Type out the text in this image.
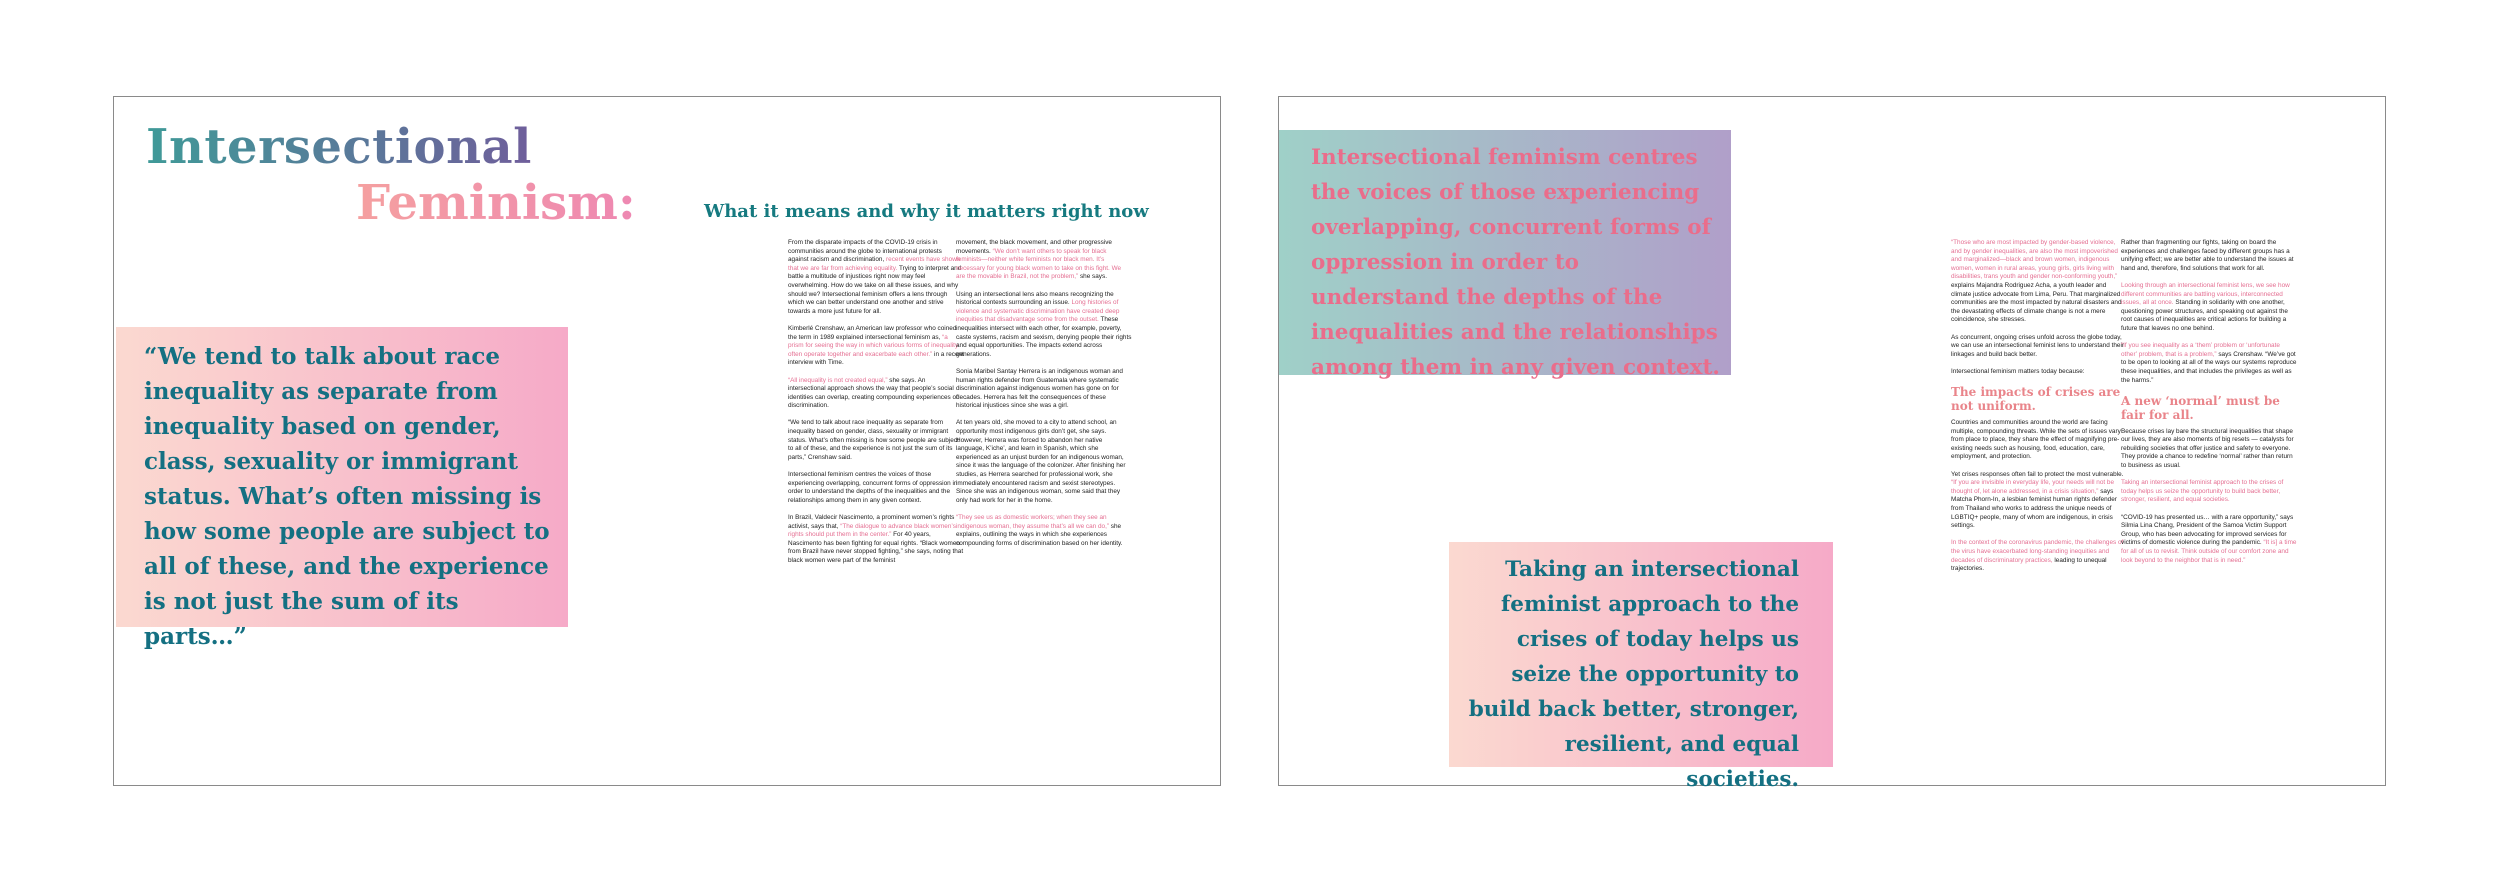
Intersectional
Feminism:	What it means and why it matters right now
“We tend to talk about race inequality as separate from inequality based on gender, class, sexuality or immigrant status. What’s often missing is how some people are subject to all of these, and the experience is not just the sum of its parts…”

From the disparate impacts of the COVID-19 crisis in communities around the globe to international protests against racism and discrimination, recent events have shown that we are far from achieving equality. Trying to interpret and battle a multitude of injustices right now may feel overwhelming. How do we take on all these issues, and why should we? Intersectional feminism offers a lens through which we can better understand one another and strive towards a more just future for all.

Kimberlé Crenshaw, an American law professor who coined the term in 1989 explained intersectional feminism as, “a prism for seeing the way in which various forms of inequality often operate together and exacerbate each other.” in a recent interview with Time.

“All inequality is not created equal,” she says. An intersectional approach shows the way that people’s social identities can overlap, creating compounding experiences of discrimination.

“We tend to talk about race inequality as separate from inequality based on gender, class, sexuality or immigrant status. What’s often missing is how some people are subject to all of these, and the experience is not just the sum of its parts,” Crenshaw said.

Intersectional feminism centres the voices of those experiencing overlapping, concurrent forms of oppression in order to understand the depths of the inequalities and the relationships among them in any given context.

In Brazil, Valdecir Nascimento, a prominent women’s rights activist, says that, “The dialogue to advance black women’s rights should put them in the center.” For 40 years, Nascimento has been fighting for equal rights. “Black women from Brazil have never stopped fighting,” she says, noting that black women were part of the feminist

movement, the black movement, and other progressive movements. “We don’t want others to speak for black feminists—neither white feminists nor black men. It’s necessary for young black women to take on this fight. We are the movable in Brazil, not the problem,” she says.

Using an intersectional lens also means recognizing the historical contexts surrounding an issue. Long histories of violence and systematic discrimination have created deep inequities that disadvantage some from the outset. These inequalities intersect with each other, for example, poverty, caste systems, racism and sexism, denying people their rights and equal opportunities. The impacts extend across generations.

Sonia Maribel Santay Herrera is an indigenous woman and human rights defender from Guatemala where systematic discrimination against indigenous women has gone on for decades. Herrera has felt the consequences of these historical injustices since she was a girl.

At ten years old, she moved to a city to attend school, an opportunity most indigenous girls don’t get, she says. However, Herrera was forced to abandon her native language, K’iche’, and learn in Spanish, which she experienced as an unjust burden for an indigenous woman, since it was the language of the colonizer. After finishing her studies, as Herrera searched for professional work, she immediately encountered racism and sexist stereotypes. Since she was an indigenous woman, some said that they only had work for her in the home.

“They see us as domestic workers; when they see an indigenous woman, they assume that’s all we can do,” she explains, outlining the ways in which she experiences compounding forms of discrimination based on her identity.

Intersectional feminism centres the voices of those experiencing overlapping, concurrent forms of oppression in order to understand the depths of the inequalities and the relationships among them in any given context.
Taking an intersectional feminist approach to the crises of today helps us seize the opportunity to build back better, stronger, resilient, and equal societies.

“Those who are most impacted by gender-based violence, and by gender inequalities, are also the most impoverished and marginalized—black and brown women, indigenous women, women in rural areas, young girls, girls living with disabilities, trans youth and gender non-conforming youth,” explains Majandra Rodriguez Acha, a youth leader and climate justice advocate from Lima, Peru. That marginalized communities are the most impacted by natural disasters and the devastating effects of climate change is not a mere coincidence, she stresses.

As concurrent, ongoing crises unfold across the globe today, we can use an intersectional feminist lens to understand their linkages and build back better.

Intersectional feminism matters today because:

The impacts of crises are not uniform.

Countries and communities around the world are facing multiple, compounding threats. While the sets of issues vary from place to place, they share the effect of magnifying pre-existing needs such as housing, food, education, care, employment, and protection.

Yet crises responses often fail to protect the most vulnerable. “If you are invisible in everyday life, your needs will not be thought of, let alone addressed, in a crisis situation,” says Matcha Phorn-In, a lesbian feminist human rights defender from Thailand who works to address the unique needs of LGBTIQ+ people, many of whom are indigenous, in crisis settings.

In the context of the coronavirus pandemic, the challenges of the virus have exacerbated long-standing inequities and decades of discriminatory practices, leading to unequal trajectories.

Rather than fragmenting our fights, taking on board the experiences and challenges faced by different groups has a unifying effect; we are better able to understand the issues at hand and, therefore, find solutions that work for all.

Looking through an intersectional feminist lens, we see how different communities are battling various, interconnected issues, all at once. Standing in solidarity with one another, questioning power structures, and speaking out against the root causes of inequalities are critical actions for building a future that leaves no one behind.

“If you see inequality as a ‘them’ problem or ‘unfortunate other’ problem, that is a problem,” says Crenshaw. “We’ve got to be open to looking at all of the ways our systems reproduce these inequalities, and that includes the privileges as well as the harms.”

A new ‘normal’ must be fair for all.

Because crises lay bare the structural inequalities that shape our lives, they are also moments of big resets — catalysts for rebuilding societies that offer justice and safety to everyone. They provide a chance to redefine ‘normal’ rather than return to business as usual.

Taking an intersectional feminist approach to the crises of today helps us seize the opportunity to build back better, stronger, resilient, and equal societies.

“COVID-19 has presented us… with a rare opportunity,” says Silmia Lina Chang, President of the Samoa Victim Support Group, who has been advocating for improved services for victims of domestic violence during the pandemic. “It is] a time for all of us to revisit. Think outside of our comfort zone and look beyond to the neighbor that is in need.”
